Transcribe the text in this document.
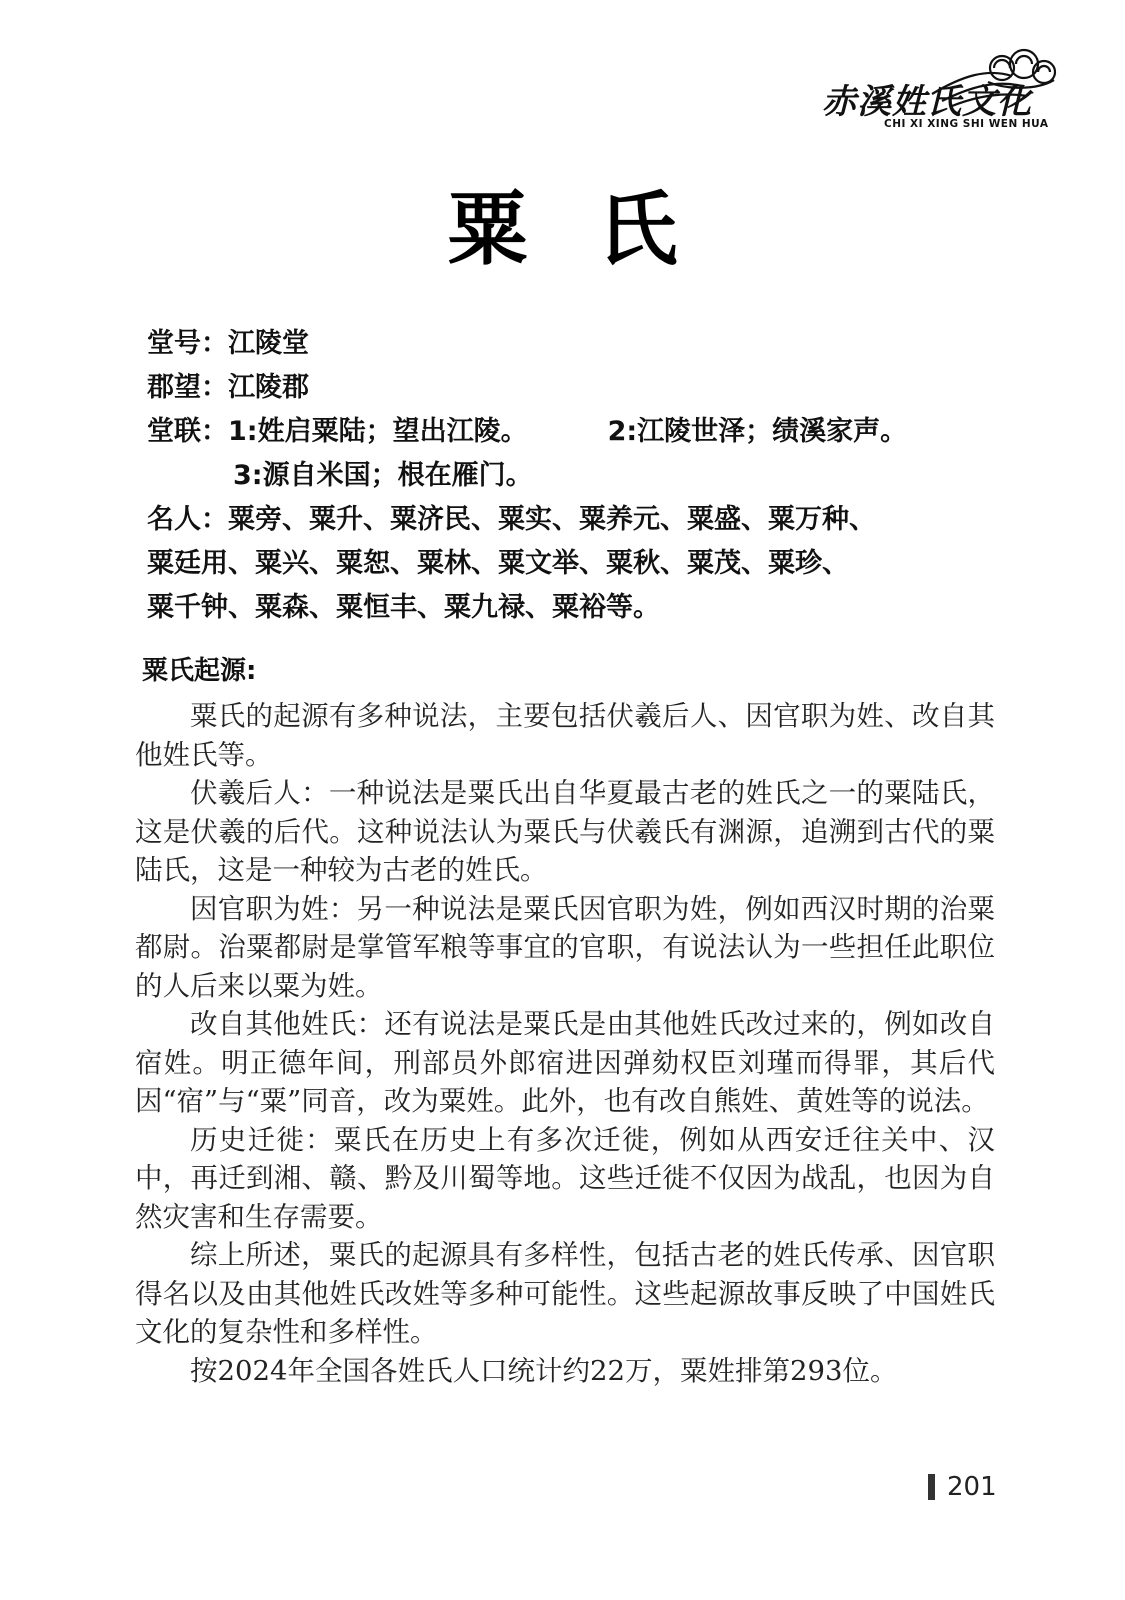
赤溪姓氏文化
CHI XI XING SHI WEN HUA
粟氏
堂号：江陵堂
郡望：江陵郡
堂联：1:姓启粟陆；望出江陵。	2:江陵世泽；绩溪家声。
3:源自米国；根在雁门。
名人：粟旁、粟升、粟济民、粟实、粟养元、粟盛、粟万种、
粟廷用、粟兴、粟恕、粟林、粟文举、粟秋、粟茂、粟珍、
粟千钟、粟森、粟恒丰、粟九禄、粟裕等。
粟氏起源:

粟氏的起源有多种说法，主要包括伏羲后人、因官职为姓、改自其他姓氏等。

伏羲后人：一种说法是粟氏出自华夏最古老的姓氏之一的粟陆氏，这是伏羲的后代。这种说法认为粟氏与伏羲氏有渊源，追溯到古代的粟陆氏，这是一种较为古老的姓氏。

因官职为姓：另一种说法是粟氏因官职为姓，例如西汉时期的治粟都尉。治粟都尉是掌管军粮等事宜的官职，有说法认为一些担任此职位的人后来以粟为姓。

改自其他姓氏：还有说法是粟氏是由其他姓氏改过来的，例如改自宿姓。明正德年间，刑部员外郎宿进因弹劾权臣刘瑾而得罪，其后代因“宿”与“粟”同音，改为粟姓。此外，也有改自熊姓、黄姓等的说法。

历史迁徙：粟氏在历史上有多次迁徙，例如从西安迁往关中、汉中，再迁到湘、赣、黔及川蜀等地。这些迁徙不仅因为战乱，也因为自然灾害和生存需要。

综上所述，粟氏的起源具有多样性，包括古老的姓氏传承、因官职得名以及由其他姓氏改姓等多种可能性。这些起源故事反映了中国姓氏文化的复杂性和多样性。

按2024年全国各姓氏人口统计约22万，粟姓排第293位。

201
